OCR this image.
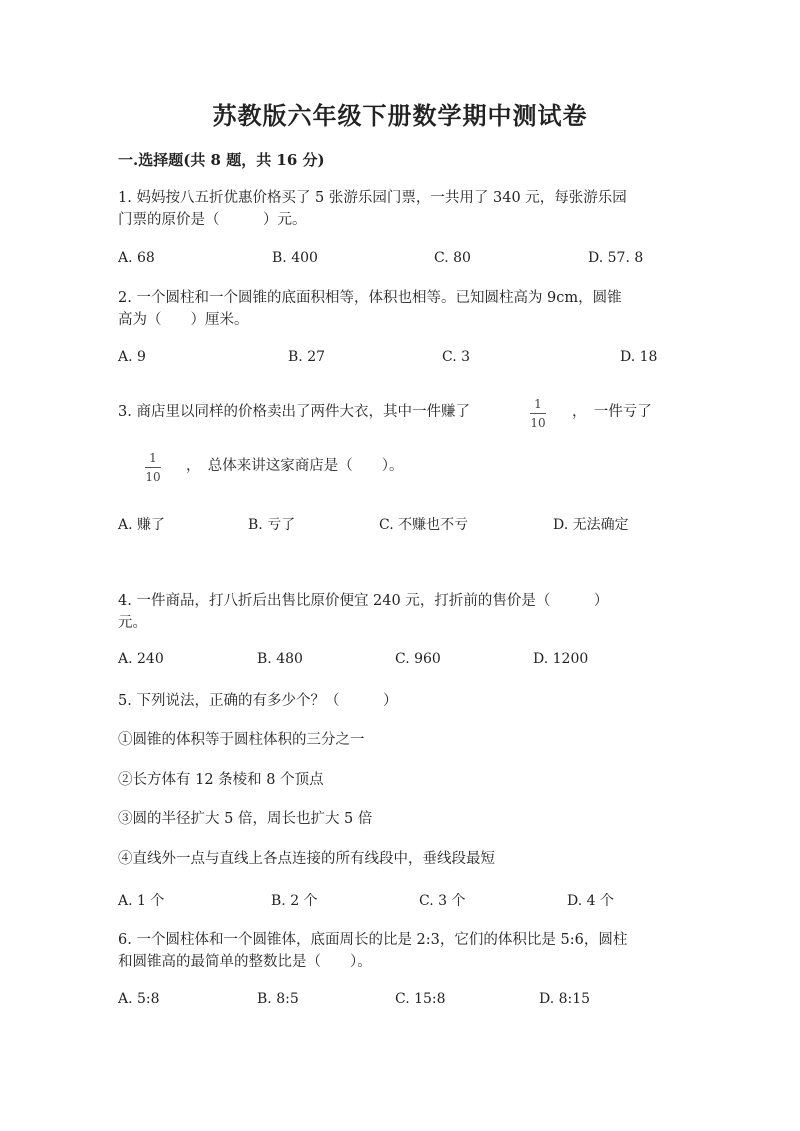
苏教版六年级下册数学期中测试卷
一.选择题(共 8 题，共 16 分)
1. 妈妈按八五折优惠价格买了 5 张游乐园门票，一共用了 340 元，每张游乐园
门票的原价是（　　　）元。
A. 68	B. 400	C. 80	D. 57. 8
2. 一个圆柱和一个圆锥的底面积相等，体积也相等。已知圆柱高为 9cm，圆锥
高为（　　）厘米。
A. 9	B. 27	C. 3	D. 18
3. 商店里以同样的价格卖出了两件大衣，其中一件赚了	1
10
，　一件亏了
1
10
，　总体来讲这家商店是（　　）。
A. 赚了	B. 亏了	C. 不赚也不亏	D. 无法确定
4. 一件商品，打八折后出售比原价便宜 240 元，打折前的售价是（　　　）
元。
A. 240	B. 480	C. 960	D. 1200
5. 下列说法，正确的有多少个？（　　　）
①圆锥的体积等于圆柱体积的三分之一
②长方体有 12 条棱和 8 个顶点
③圆的半径扩大 5 倍，周长也扩大 5 倍
④直线外一点与直线上各点连接的所有线段中，垂线段最短
A. 1 个	B. 2 个	C. 3 个	D. 4 个
6. 一个圆柱体和一个圆锥体，底面周长的比是 2:3，它们的体积比是 5:6，圆柱
和圆锥高的最简单的整数比是（　　）。
A. 5:8	B. 8:5	C. 15:8	D. 8:15
